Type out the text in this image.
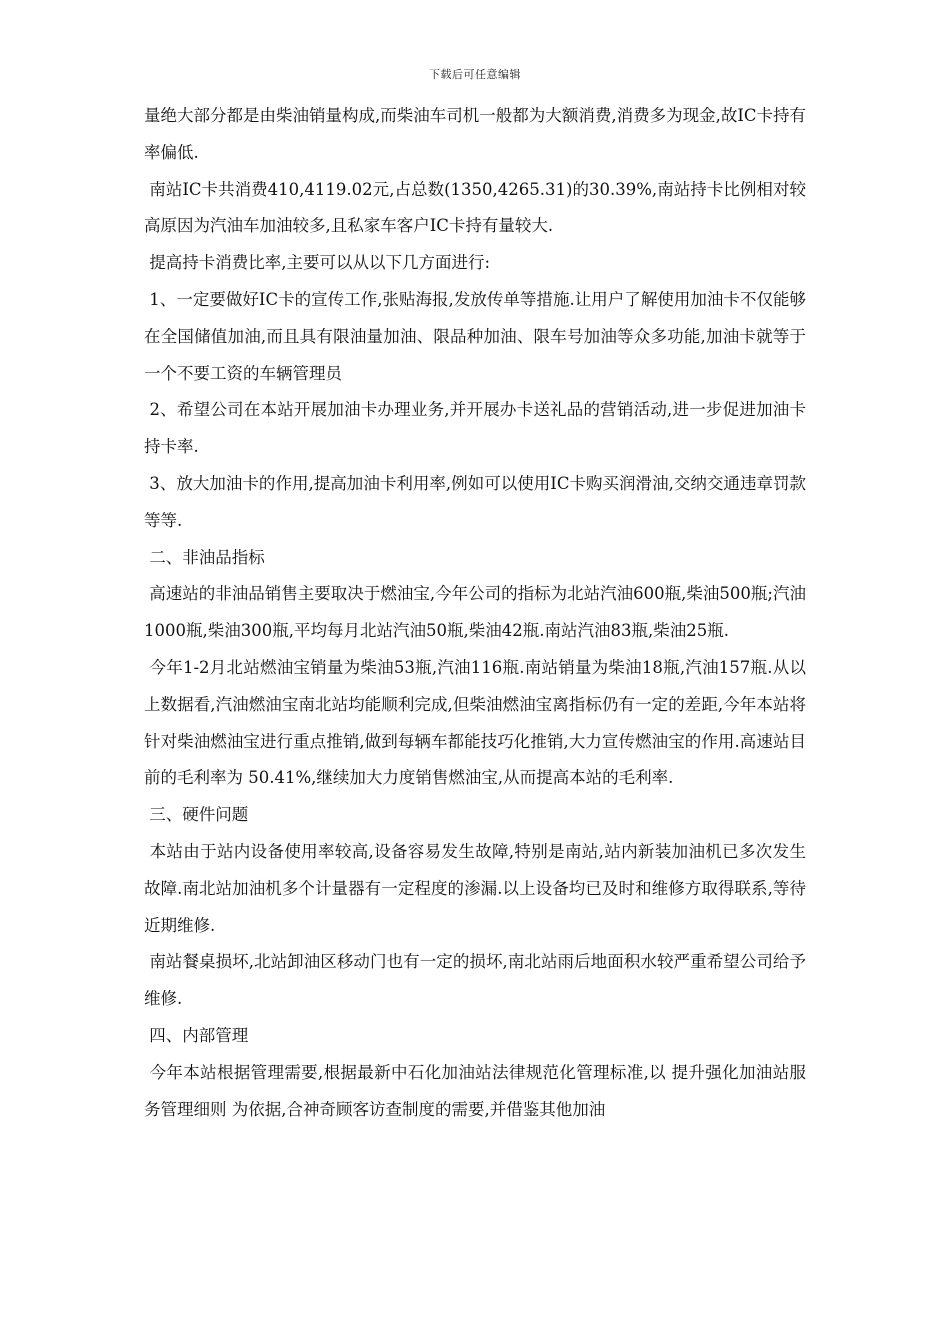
下载后可任意编辑

量绝大部分都是由柴油销量构成,而柴油车司机一般都为大额消费,消费多为现金,故IC卡持有率偏低.

南站IC卡共消费410,4119.02元,占总数(1350,4265.31)的30.39%,南站持卡比例相对较高原因为汽油车加油较多,且私家车客户IC卡持有量较大.

提高持卡消费比率,主要可以从以下几方面进行:

1、一定要做好IC卡的宣传工作,张贴海报,发放传单等措施.让用户了解使用加油卡不仅能够在全国储值加油,而且具有限油量加油、限品种加油、限车号加油等众多功能,加油卡就等于一个不要工资的车辆管理员

2、希望公司在本站开展加油卡办理业务,并开展办卡送礼品的营销活动,进一步促进加油卡持卡率.

3、放大加油卡的作用,提高加油卡利用率,例如可以使用IC卡购买润滑油,交纳交通违章罚款等等.

二、非油品指标

高速站的非油品销售主要取决于燃油宝,今年公司的指标为北站汽油600瓶,柴油500瓶;汽油1000瓶,柴油300瓶,平均每月北站汽油50瓶,柴油42瓶.南站汽油83瓶,柴油25瓶.

今年1-2月北站燃油宝销量为柴油53瓶,汽油116瓶.南站销量为柴油18瓶,汽油157瓶.从以上数据看,汽油燃油宝南北站均能顺利完成,但柴油燃油宝离指标仍有一定的差距,今年本站将针对柴油燃油宝进行重点推销,做到每辆车都能技巧化推销,大力宣传燃油宝的作用.高速站目前的毛利率为 50.41%,继续加大力度销售燃油宝,从而提高本站的毛利率.

三、硬件问题

本站由于站内设备使用率较高,设备容易发生故障,特别是南站,站内新装加油机已多次发生故障.南北站加油机多个计量器有一定程度的渗漏.以上设备均已及时和维修方取得联系,等待近期维修.

南站餐桌损坏,北站卸油区移动门也有一定的损坏,南北站雨后地面积水较严重希望公司给予维修.

四、内部管理

今年本站根据管理需要,根据最新中石化加油站法律规范化管理标准,以 提升强化加油站服务管理细则 为依据,合神奇顾客访查制度的需要,并借鉴其他加油
